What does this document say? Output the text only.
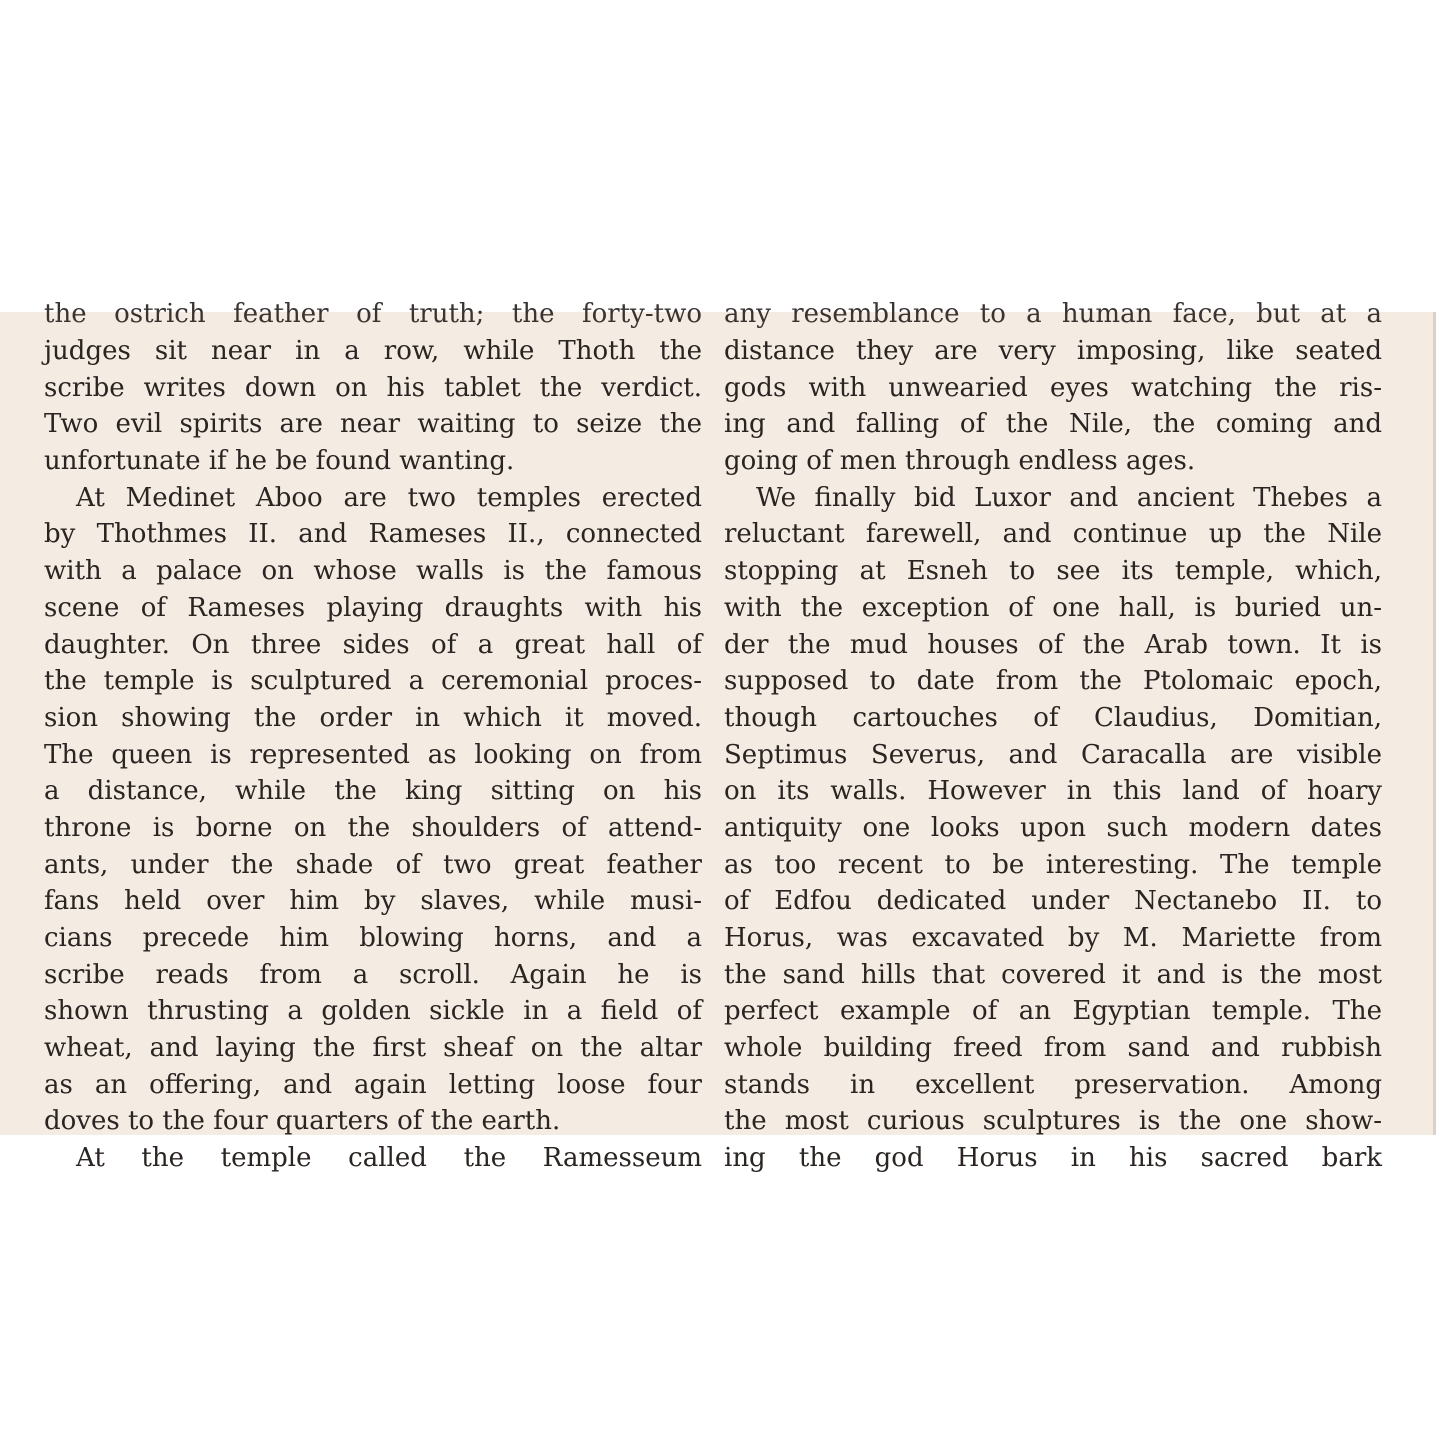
the ostrich feather of truth; the forty-two
judges sit near in a row, while Thoth the
scribe writes down on his tablet the verdict.
Two evil spirits are near waiting to seize the
unfortunate if he be found wanting.
At Medinet Aboo are two temples erected
by Thothmes II. and Rameses II., connected
with a palace on whose walls is the famous
scene of Rameses playing draughts with his
daughter. On three sides of a great hall of
the temple is sculptured a ceremonial proces-
sion showing the order in which it moved.
The queen is represented as looking on from
a distance, while the king sitting on his
throne is borne on the shoulders of attend-
ants, under the shade of two great feather
fans held over him by slaves, while musi-
cians precede him blowing horns, and a
scribe reads from a scroll. Again he is
shown thrusting a golden sickle in a field of
wheat, and laying the first sheaf on the altar
as an offering, and again letting loose four
doves to the four quarters of the earth.
At the temple called the Ramesseum
any resemblance to a human face, but at a
distance they are very imposing, like seated
gods with unwearied eyes watching the ris-
ing and falling of the Nile, the coming and
going of men through endless ages.
We finally bid Luxor and ancient Thebes a
reluctant farewell, and continue up the Nile
stopping at Esneh to see its temple, which,
with the exception of one hall, is buried un-
der the mud houses of the Arab town. It is
supposed to date from the Ptolomaic epoch,
though cartouches of Claudius, Domitian,
Septimus Severus, and Caracalla are visible
on its walls. However in this land of hoary
antiquity one looks upon such modern dates
as too recent to be interesting. The temple
of Edfou dedicated under Nectanebo II. to
Horus, was excavated by M. Mariette from
the sand hills that covered it and is the most
perfect example of an Egyptian temple. The
whole building freed from sand and rubbish
stands in excellent preservation. Among
the most curious sculptures is the one show-
ing the god Horus in his sacred bark
